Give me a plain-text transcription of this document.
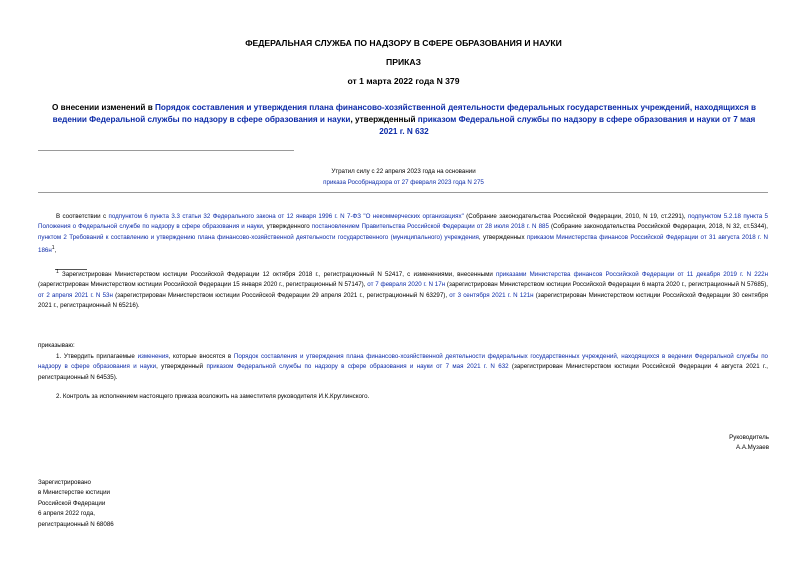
ФЕДЕРАЛЬНАЯ СЛУЖБА ПО НАДЗОРУ В СФЕРЕ ОБРАЗОВАНИЯ И НАУКИ
ПРИКАЗ
от 1 марта 2022 года N 379
О внесении изменений в Порядок составления и утверждения плана финансово-хозяйственной деятельности федеральных государственных учреждений, находящихся в ведении Федеральной службы по надзору в сфере образования и науки, утвержденный приказом Федеральной службы по надзору в сфере образования и науки от 7 мая 2021 г. N 632
Утратил силу с 22 апреля 2023 года на основании
приказа Рособрнадзора от 27 февраля 2023 года N 275
В соответствии с подпунктом 6 пункта 3.3 статьи 32 Федерального закона от 12 января 1996 г. N 7-ФЗ "О некоммерческих организациях" (Собрание законодательства Российской Федерации, 2010, N 19, ст.2291), подпунктом 5.2.18 пункта 5 Положения о Федеральной службе по надзору в сфере образования и науки, утвержденного постановлением Правительства Российской Федерации от 28 июля 2018 г. N 885 (Собрание законодательства Российской Федерации, 2018, N 32, ст.5344), пунктом 2 Требований к составлению и утверждению плана финансово-хозяйственной деятельности государственного (муниципального) учреждения, утвержденных приказом Министерства финансов Российской Федерации от 31 августа 2018 г. N $186н^1$,
$^1$ Зарегистрирован Министерством юстиции Российской Федерации 12 октября 2018 г., регистрационный N 52417, с изменениями, внесенными приказами Министерства финансов Российской Федерации от 11 декабря 2019 г. N 222н (зарегистрирован Министерством юстиции Российской Федерации 15 января 2020 г., регистрационный N 57147), от 7 февраля 2020 г. N 17н (зарегистрирован Министерством юстиции Российской Федерации 6 марта 2020 г., регистрационный N 57685), от 2 апреля 2021 г. N 53н (зарегистрирован Министерством юстиции Российской Федерации 29 апреля 2021 г., регистрационный N 63297), от 3 сентября 2021 г. N 121н (зарегистрирован Министерством юстиции Российской Федерации 30 сентября 2021 г., регистрационный N 65216).
приказываю:
1. Утвердить прилагаемые изменения, которые вносятся в Порядок составления и утверждения плана финансово-хозяйственной деятельности федеральных государственных учреждений, находящихся в ведении Федеральной службы по надзору в сфере образования и науки, утвержденный приказом Федеральной службы по надзору в сфере образования и науки от 7 мая 2021 г. N 632 (зарегистрирован Министерством юстиции Российской Федерации 4 августа 2021 г., регистрационный N 64535).
2. Контроль за исполнением настоящего приказа возложить на заместителя руководителя И.К.Круглинского.
Руководитель
А.А.Музаев
Зарегистрировано
в Министерстве юстиции
Российской Федерации
6 апреля 2022 года,
регистрационный N 68086
